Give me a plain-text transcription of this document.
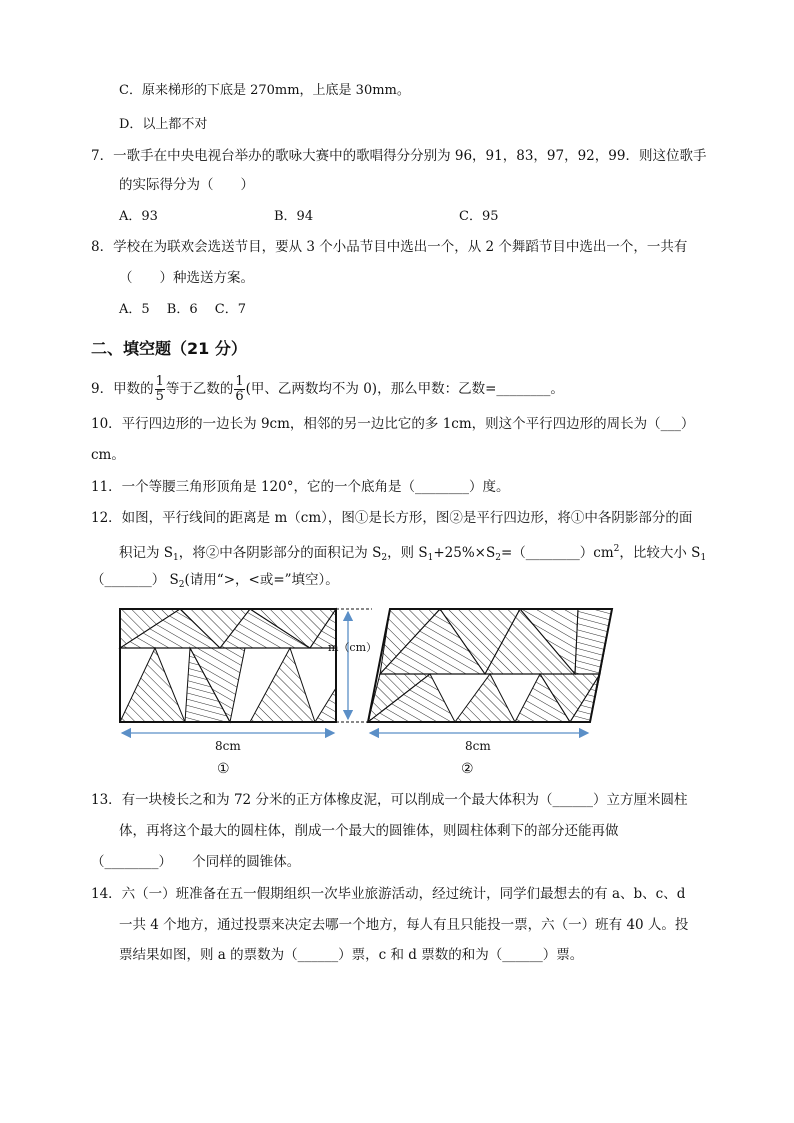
C．原来梯形的下底是 270mm，上底是 30mm。
D．以上都不对
7．一歌手在中央电视台举办的歌咏大赛中的歌唱得分分别为 96，91，83，97，92，99．则这位歌手
的实际得分为（　　）
A．93	B．94	C．95
8．学校在为联欢会选送节目，要从 3 个小品节目中选出一个，从 2 个舞蹈节目中选出一个，一共有
（　　）种选送方案。
A．5　 B．6　 C．7
二、填空题（21 分）
9．甲数的 $\frac{1}{5}$ 等于乙数的 $\frac{1}{6}$ (甲、乙两数均不为 0)，那么甲数：乙数=________。
10．平行四边形的一边长为 9cm，相邻的另一边比它的多 1cm，则这个平行四边形的周长为（___）
cm。
11．一个等腰三角形顶角是 120°，它的一个底角是（________）度。
12．如图，平行线间的距离是 m（cm），图①是长方形，图②是平行四边形，将①中各阴影部分的面
积记为 $S_1$，将②中各阴影部分的面积记为 $S_2$，则 $S_1+25\%\times S_2=(\_\_\_\_\_\_\_\_)cm^2$，比较大小 $S_1$
（_______） $S_2$(请用“>，<或=”填空）。
m（cm）
8cm	8cm
①	②
13．有一块棱长之和为 72 分米的正方体橡皮泥，可以削成一个最大体积为（______）立方厘米圆柱
体，再将这个最大的圆柱体，削成一个最大的圆锥体，则圆柱体剩下的部分还能再做
（________）　　个同样的圆锥体。
14．六（一）班准备在五一假期组织一次毕业旅游活动，经过统计，同学们最想去的有 a、b、c、d
一共 4 个地方，通过投票来决定去哪一个地方，每人有且只能投一票，六（一）班有 40 人。投
票结果如图，则 a 的票数为（______）票，c 和 d 票数的和为（______）票。
